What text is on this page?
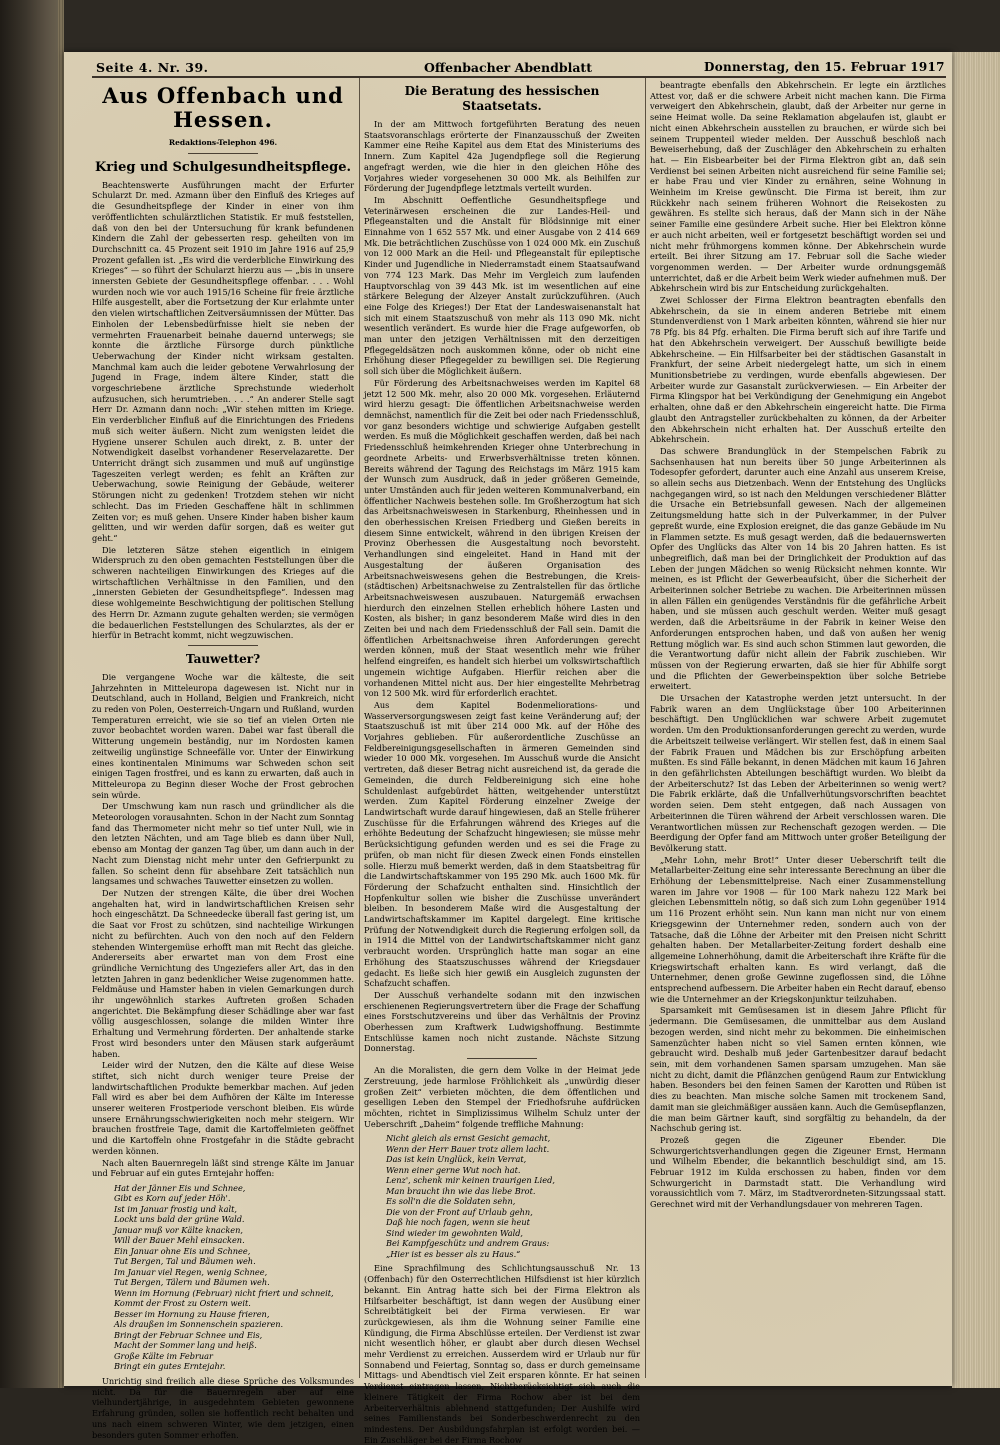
Seite 4. Nr. 39.	Offenbacher Abendblatt	Donnerstag, den 15. Februar 1917
Aus Offenbach und Hessen.
Redaktions-Telephon 496.
Krieg und Schulgesundheitspflege.

Beachtenswerte Ausführungen macht der Erfurter Schularzt Dr. med. Azmann über den Einfluß des Krieges auf die Gesundheitspflege der Kinder in einer von ihm veröffentlichten schulärztlichen Statistik. Er muß feststellen, daß von den bei der Untersuchung für krank befundenen Kindern die Zahl der gebesserten resp. geheilten von im Durchschnitt ca. 45 Prozent seit 1910 im Jahre 1916 auf 25,9 Prozent gefallen ist. „Es wird die verderbliche Einwirkung des Krieges“ — so führt der Schularzt hierzu aus — „bis in unsere innersten Gebiete der Gesundheitspflege offenbar. . . . Wohl wurden noch wie vor auch 1915/16 Scheine für freie ärztliche Hilfe ausgestellt, aber die Fortsetzung der Kur erlahmte unter den vielen wirtschaftlichen Zeitversäumnissen der Mütter. Das Einholen der Lebensbedürfnisse hielt sie neben der vermehrten Frauenarbeit beinahe dauernd unterwegs; sie konnte die ärztliche Fürsorge durch pünktliche Ueberwachung der Kinder nicht wirksam gestalten. Manchmal kam auch die leider gebotene Verwahrlosung der Jugend in Frage, indem ältere Kinder, statt die vorgeschriebene ärztliche Sprechstunde wiederholt aufzusuchen, sich herumtrieben. . . .“ An anderer Stelle sagt Herr Dr. Azmann dann noch: „Wir stehen mitten im Kriege. Ein verderblicher Einfluß auf die Einrichtungen des Friedens muß sich weiter äußern. Nicht zum wenigsten leidet die Hygiene unserer Schulen auch direkt, z. B. unter der Notwendigkeit daselbst vorhandener Reservelazarette. Der Unterricht drängt sich zusammen und muß auf ungünstige Tageszeiten verlegt werden; es fehlt an Kräften zur Ueberwachung, sowie Reinigung der Gebäude, weiterer Störungen nicht zu gedenken! Trotzdem stehen wir nicht schlecht. Das im Frieden Geschaffene hält in schlimmen Zeiten vor; es muß gehen. Unsere Kinder haben bisher kaum gelitten, und wir werden dafür sorgen, daß es weiter gut geht.“

Die letzteren Sätze stehen eigentlich in einigem Widerspruch zu den oben gemachten Feststellungen über die schweren nachteiligen Einwirkungen des Krieges auf die wirtschaftlichen Verhältnisse in den Familien, und den „innersten Gebieten der Gesundheitspflege“. Indessen mag diese wohlgemeinte Beschwichtigung der politischen Stellung des Herrn Dr. Azmann zugute gehalten werden; sie vermögen die bedauerlichen Feststellungen des Schularztes, als der er hierfür in Betracht kommt, nicht wegzuwischen.

Tauwetter?

Die vergangene Woche war die kälteste, die seit Jahrzehnten in Mitteleuropa dagewesen ist. Nicht nur in Deutschland, auch in Holland, Belgien und Frankreich, nicht zu reden von Polen, Oesterreich-Ungarn und Rußland, wurden Temperaturen erreicht, wie sie so tief an vielen Orten nie zuvor beobachtet worden waren. Dabei war fast überall die Witterung ungemein beständig, nur im Nordosten kamen zeitweilig ungünstige Schneefälle vor. Unter der Einwirkung eines kontinentalen Minimums war Schweden schon seit einigen Tagen frostfrei, und es kann zu erwarten, daß auch in Mitteleuropa zu Beginn dieser Woche der Frost gebrochen sein würde.

Der Umschwung kam nun rasch und gründlicher als die Meteorologen vorausahnten. Schon in der Nacht zum Sonntag fand das Thermometer nicht mehr so tief unter Null, wie in den letzten Nächten, und am Tage blieb es dann über Null, ebenso am Montag der ganzen Tag über, um dann auch in der Nacht zum Dienstag nicht mehr unter den Gefrierpunkt zu fallen. So scheint denn für absehbare Zeit tatsächlich nun langsames und schwaches Tauwetter einsetzen zu wollen.

Der Nutzen der strengen Kälte, die über drei Wochen angehalten hat, wird in landwirtschaftlichen Kreisen sehr hoch eingeschätzt. Da Schneedecke überall fast gering ist, um die Saat vor Frost zu schützen, sind nachteilige Wirkungen nicht zu befürchten. Auch von den noch auf den Feldern stehenden Wintergemüse erhofft man mit Recht das gleiche. Andererseits aber erwartet man von dem Frost eine gründliche Vernichtung des Ungeziefers aller Art, das in den letzten Jahren in ganz bedenklicher Weise zugenommen hatte. Feldmäuse und Hamster haben in vielen Gemarkungen durch ihr ungewöhnlich starkes Auftreten großen Schaden angerichtet. Die Bekämpfung dieser Schädlinge aber war fast völlig ausgeschlossen, solange die milden Winter ihre Erhaltung und Vermehrung förderten. Der anhaltende starke Frost wird besonders unter den Mäusen stark aufgeräumt haben.

Leider wird der Nutzen, den die Kälte auf diese Weise stiftet, sich nicht durch weniger teure Preise der landwirtschaftlichen Produkte bemerkbar machen. Auf jeden Fall wird es aber bei dem Aufhören der Kälte im Interesse unserer weiteren Frostperiode verschont bleiben. Eis würde unsere Ernährungsschwierigkeiten noch mehr steigern. Wir brauchen frostfreie Tage, damit die Kartoffelmieten geöffnet und die Kartoffeln ohne Frostgefahr in die Städte gebracht werden können.

Nach alten Bauernregeln läßt sind strenge Kälte im Januar und Februar auf ein gutes Erntejahr hoffen:

Hat der Jänner Eis und Schnee,
Gibt es Korn auf jeder Höh'.
Ist im Januar frostig und kalt,
Lockt uns bald der grüne Wald.
Januar muß vor Kälte knacken,
Will der Bauer Mehl einsacken.
Ein Januar ohne Eis und Schnee,
Tut Bergen, Tal und Bäumen weh.
Im Januar viel Regen, wenig Schnee,
Tut Bergen, Tälern und Bäumen weh.
Wenn im Hornung (Februar) nicht friert und schneit,
Kommt der Frost zu Ostern weit.
Besser im Hornung zu Hause frieren,
Als draußen im Sonnenschein spazieren.
Bringt der Februar Schnee und Eis,
Macht der Sommer lang und heiß.
Große Kälte im Februar
Bringt ein gutes Erntejahr.

Unrichtig sind freilich alle diese Sprüche des Volksmundes nicht. Da für die Bauernregeln aber auf eine vielhundertjährige, in ausgedehntem Gebieten gewonnene Erfahrung gründen, sollen sie hoffentlich recht behalten und uns nach einem schweren Winter, wie dem jetzigen, einen besonders guten Sommer erhoffen.

Die Beratung des hessischen Staatsetats.

In der am Mittwoch fortgeführten Beratung des neuen Staatsvoranschlags erörterte der Finanzausschuß der Zweiten Kammer eine Reihe Kapitel aus dem Etat des Ministeriums des Innern. Zum Kapitel 42a Jugendpflege soll die Regierung angefragt werden, wie die hier in den gleichen Höhe des Vorjahres wieder vorgesehenen 30 000 Mk. als Beihilfen zur Förderung der Jugendpflege letztmals verteilt wurden.

Im Abschnitt Oeffentliche Gesundheitspflege und Veterinärwesen erscheinen die zur Landes-Heil- und Pflegeanstalten und die Anstalt für Blödsinnige mit einer Einnahme von 1 652 557 Mk. und einer Ausgabe von 2 414 669 Mk. Die beträchtlichen Zuschüsse von 1 024 000 Mk. ein Zuschuß von 12 000 Mark an die Heil- und Pflegeanstalt für epileptische Kinder und Jugendliche in Niederramstadt einem Staatsaufwand von 774 123 Mark. Das Mehr im Vergleich zum laufenden Hauptvorschlag von 39 443 Mk. ist im wesentlichen auf eine stärkere Belegung der Alzeyer Anstalt zurückzuführen. (Auch eine Folge des Krieges!) Der Etat der Landeswaisenanstalt hat sich mit einem Staatszuschuß von mehr als 113 090 Mk. nicht wesentlich verändert. Es wurde hier die Frage aufgeworfen, ob man unter den jetzigen Verhältnissen mit den derzeitigen Pflegegeldsätzen noch auskommen könne, oder ob nicht eine Erhöhung dieser Pflegegelder zu bewilligen sei. Die Regierung soll sich über die Möglichkeit äußern.

Für Förderung des Arbeitsnachweises werden im Kapitel 68 jetzt 12 500 Mk. mehr, also 20 000 Mk. vorgesehen. Erläuternd wird hierzu gesagt: Die öffentlichen Arbeitsnachweise werden demnächst, namentlich für die Zeit bei oder nach Friedensschluß, vor ganz besonders wichtige und schwierige Aufgaben gestellt werden. Es muß die Möglichkeit geschaffen werden, daß bei nach Friedensschluß heimkehrenden Krieger ohne Unterbrechung in geordnete Arbeits- und Erwerbsverhältnisse treten können. Bereits während der Tagung des Reichstags im März 1915 kam der Wunsch zum Ausdruck, daß in jeder größeren Gemeinde, unter Umständen auch für jeden weiteren Kommunalverband, ein öffentlicher Nachweis bestehen solle. Im Großherzogtum hat sich das Arbeitsnachweiswesen in Starkenburg, Rheinhessen und in den oberhessischen Kreisen Friedberg und Gießen bereits in diesem Sinne entwickelt, während in den übrigen Kreisen der Provinz Oberhessen die Ausgestaltung noch bevorsteht. Verhandlungen sind eingeleitet. Hand in Hand mit der Ausgestaltung der äußeren Organisation des Arbeitsnachweiswesens gehen die Bestrebungen, die Kreis- (städtischen) Arbeitsnachweise zu Zentralstellen für das örtliche Arbeitsnachweiswesen auszubauen. Naturgemäß erwachsen hierdurch den einzelnen Stellen erheblich höhere Lasten und Kosten, als bisher; in ganz besonderem Maße wird dies in den Zeiten bei und nach dem Friedensschluß der Fall sein. Damit die öffentlichen Arbeitsnachweise ihren Anforderungen gerecht werden können, muß der Staat wesentlich mehr wie früher helfend eingreifen, es handelt sich hierbei um volkswirtschaftlich ungemein wichtige Aufgaben. Hierfür reichen aber die vorhandenen Mittel nicht aus. Der hier eingestellte Mehrbetrag von 12 500 Mk. wird für erforderlich erachtet.

Aus dem Kapitel Bodenmeliorations- und Wasserversorgungswesen zeigt fast keine Veränderung auf; der Staatszuschuß ist mit über 214 000 Mk. auf der Höhe des Vorjahres geblieben. Für außerordentliche Zuschüsse an Feldbereinigungsgesellschaften in ärmeren Gemeinden sind wieder 10 000 Mk. vorgesehen. Im Ausschuß wurde die Ansicht vertreten, daß dieser Betrag nicht ausreichend ist, da gerade die Gemeinden, die durch Feldbereinigung sich eine hohe Schuldenlast aufgebürdet hätten, weitgehender unterstützt werden. Zum Kapitel Förderung einzelner Zweige der Landwirtschaft wurde darauf hingewiesen, daß an Stelle früherer Zuschüsse für die Erfahrungen während des Krieges auf die erhöhte Bedeutung der Schafzucht hingewiesen; sie müsse mehr Berücksichtigung gefunden werden und es sei die Frage zu prüfen, ob man nicht für diesen Zweck einen Fonds einstellen solle. Hierzu muß bemerkt werden, daß in dem Staatsbeitrag für die Landwirtschaftskammer von 195 290 Mk. auch 1600 Mk. für Förderung der Schafzucht enthalten sind. Hinsichtlich der Hopfenkultur sollen wie bisher die Zuschüsse unverändert bleiben. In besonderem Maße wird die Ausgestaltung der Landwirtschaftskammer im Kapitel dargelegt. Eine kritische Prüfung der Notwendigkeit durch die Regierung erfolgen soll, da in 1914 die Mittel von der Landwirtschaftskammer nicht ganz verbraucht worden. Ursprünglich hatte man sogar an eine Erhöhung des Staatszuschusses während der Kriegsdauer gedacht. Es ließe sich hier gewiß ein Ausgleich zugunsten der Schafzucht schaffen.

Der Ausschuß verhandelte sodann mit den inzwischen erschienenen Regierungsvertretern über die Frage der Schaffung eines Forstschutzvereins und über das Verhältnis der Provinz Oberhessen zum Kraftwerk Ludwigshoffnung. Bestimmte Entschlüsse kamen noch nicht zustande. Nächste Sitzung Donnerstag.

An die Moralisten, die gern dem Volke in der Heimat jede Zerstreuung, jede harmlose Fröhlichkeit als „unwürdig dieser großen Zeit“ verbieten möchten, die dem öffentlichen und geselligen Leben den Stempel der Friedhofsruhe aufdrücken möchten, richtet in Simplizissimus Wilhelm Schulz unter der Ueberschrift „Daheim“ folgende treffliche Mahnung:

Nicht gleich als ernst Gesicht gemacht,
Wenn der Herr Bauer trotz allem lacht.
Das ist kein Unglück, kein Verrat,
Wenn einer gerne Wut noch hat.
Lenz', schenk mir keinen traurigen Lied,
Man braucht ihn wie das liebe Brot.
Es soll'n die die Soldaten sehn,
Die von der Front auf Urlaub gehn,
Daß hie noch fagen, wenn sie heut
Sind wieder im gewohnten Wald,
Bei Kampfgeschütz und andrem Graus:
„Hier ist es besser als zu Haus.“

Eine Sprachfilmung des Schlichtungsausschuß Nr. 13 (Offenbach) für den Osterrechtlichen Hilfsdienst ist hier kürzlich bekannt. Ein Antrag hatte sich bei der Firma Elektron als Hilfsarbeiter beschäftigt, ist dann wegen der Ausübung einer Schreibtätigkeit bei der Firma verwiesen. Er war zurückgewiesen, als ihm die Wohnung seiner Familie eine Kündigung, die Firma Abschlüsse erteilen. Der Verdienst ist zwar nicht wesentlich höher, er glaubt aber durch diesen Wechsel mehr Verdienst zu erreichen. Ausserdem wird er Urlaub nur für Sonnabend und Feiertag, Sonntag so, dass er durch gemeinsame Mittags- und Abendtisch viel Zeit ersparen könnte. Er hat seinen Verdienst eintragen lassen, Nichtberücksichtigt sich auch die kleinere Tätigkeit der Firma Rochow aber ist bei dem Arbeiterverhältnis ablehnend stattgefunden; Der Aushilfe wird seines Familienstands bei Sonderbeschwerdenrecht zu den mindestens. Der Ausbildungsfahrplan ist erfolgt worden bei. — Ein Zuschläger bei der Firma Rochow

beantragte ebenfalls den Abkehrschein. Er legte ein ärztliches Attest vor, daß er die schwere Arbeit nicht machen kann. Die Firma verweigert den Abkehrschein, glaubt, daß der Arbeiter nur gerne in seine Heimat wolle. Da seine Reklamation abgelaufen ist, glaubt er nicht einen Abkehrschein ausstellen zu brauchen, er würde sich bei seinem Truppenteil wieder melden. Der Ausschuß beschloß nach Beweiserhebung, daß der Zuschläger den Abkehrschein zu erhalten hat. — Ein Eisbearbeiter bei der Firma Elektron gibt an, daß sein Verdienst bei seinen Arbeiten nicht ausreichend für seine Familie sei; er habe Frau und vier Kinder zu ernähren, seine Wohnung in Weinheim im Kreise gewünscht. Die Firma ist bereit, ihm zur Rückkehr nach seinem früheren Wohnort die Reisekosten zu gewähren. Es stellte sich heraus, daß der Mann sich in der Nähe seiner Familie eine gesündere Arbeit suche. Hier bei Elektron könne er auch nicht arbeiten, weil er fortgesetzt beschäftigt worden sei und nicht mehr frühmorgens kommen könne. Der Abkehrschein wurde erteilt. Bei ihrer Sitzung am 17. Februar soll die Sache wieder vorgenommen werden. — Der Arbeiter wurde ordnungsgemäß unterrichtet, daß er die Arbeit beim Werk wieder aufnehmen muß. Der Abkehrschein wird bis zur Entscheidung zurückgehalten.

Zwei Schlosser der Firma Elektron beantragten ebenfalls den Abkehrschein, da sie in einem anderen Betriebe mit einem Stundenverdienst von 1 Mark arbeiten könnten, während sie hier nur 78 Pfg. bis 84 Pfg. erhalten. Die Firma beruft sich auf ihre Tarife und hat den Abkehrschein verweigert. Der Ausschuß bewilligte beide Abkehrscheine. — Ein Hilfsarbeiter bei der städtischen Gasanstalt in Frankfurt, der seine Arbeit niedergelegt hatte, um sich in einem Munitionsbetriebe zu verdingen, wurde ebenfalls abgewiesen. Der Arbeiter wurde zur Gasanstalt zurückverwiesen. — Ein Arbeiter der Firma Klingspor hat bei Verkündigung der Genehmigung ein Angebot erhalten, ohne daß er den Abkehrschein eingereicht hatte. Die Firma glaubt den Antragsteller zurückbehalten zu können, da der Arbeiter den Abkehrschein nicht erhalten hat. Der Ausschuß erteilte den Abkehrschein.

Das schwere Brandunglück in der Stempelschen Fabrik zu Sachsenhausen hat nun bereits über 50 junge Arbeiterinnen als Todesopfer gefordert, darunter auch eine Anzahl aus unserem Kreise, so allein sechs aus Dietzenbach. Wenn der Entstehung des Unglücks nachgegangen wird, so ist nach den Meldungen verschiedener Blätter die Ursache ein Betriebsunfall gewesen. Nach der allgemeinen Zeitungsmeldung hatte sich in der Pulverkammer, in der Pulver gepreßt wurde, eine Explosion ereignet, die das ganze Gebäude im Nu in Flammen setzte. Es muß gesagt werden, daß die bedauernswerten Opfer des Unglücks das Alter von 14 bis 20 Jahren hatten. Es ist unbegreiflich, daß man bei der Dringlichkeit der Produktion auf das Leben der jungen Mädchen so wenig Rücksicht nehmen konnte. Wir meinen, es ist Pflicht der Gewerbeaufsicht, über die Sicherheit der Arbeiterinnen solcher Betriebe zu wachen. Die Arbeiterinnen müssen in allen Fällen ein genügendes Verständnis für die gefährliche Arbeit haben, und sie müssen auch geschult werden. Weiter muß gesagt werden, daß die Arbeitsräume in der Fabrik in keiner Weise den Anforderungen entsprochen haben, und daß von außen her wenig Rettung möglich war. Es sind auch schon Stimmen laut geworden, die die Verantwortung dafür nicht allein der Fabrik zuschieben. Wir müssen von der Regierung erwarten, daß sie hier für Abhilfe sorgt und die Pflichten der Gewerbeinspektion über solche Betriebe erweitert.

Die Ursachen der Katastrophe werden jetzt untersucht. In der Fabrik waren an dem Unglückstage über 100 Arbeiterinnen beschäftigt. Den Unglücklichen war schwere Arbeit zugemutet worden. Um den Produktionsanforderungen gerecht zu werden, wurde die Arbeitszeit teilweise verlängert. Wir stellen fest, daß in einem Saal der Fabrik Frauen und Mädchen bis zur Erschöpfung arbeiten mußten. Es sind Fälle bekannt, in denen Mädchen mit kaum 16 Jahren in den gefährlichsten Abteilungen beschäftigt wurden. Wo bleibt da der Arbeiterschutz? Ist das Leben der Arbeiterinnen so wenig wert? Die Fabrik erklärte, daß die Unfallverhütungsvorschriften beachtet worden seien. Dem steht entgegen, daß nach Aussagen von Arbeiterinnen die Türen während der Arbeit verschlossen waren. Die Verantwortlichen müssen zur Rechenschaft gezogen werden. — Die Beerdigung der Opfer fand am Mittwoch unter großer Beteiligung der Bevölkerung statt.

„Mehr Lohn, mehr Brot!“ Unter dieser Ueberschrift teilt die Metallarbeiter-Zeitung eine sehr interessante Berechnung an über die Erhöhung der Lebensmittelpreise. Nach einer Zusammenstellung waren im Jahre vor 1908 — für 100 Mark nahezu 122 Mark bei gleichen Lebensmitteln nötig, so daß sich zum Lohn gegenüber 1914 um 116 Prozent erhöht sein. Nun kann man nicht nur von einem Kriegsgewinn der Unternehmer reden, sondern auch von der Tatsache, daß die Löhne der Arbeiter mit den Preisen nicht Schritt gehalten haben. Der Metallarbeiter-Zeitung fordert deshalb eine allgemeine Lohnerhöhung, damit die Arbeiterschaft ihre Kräfte für die Kriegswirtschaft erhalten kann. Es wird verlangt, daß die Unternehmer, denen große Gewinne zugeflossen sind, die Löhne entsprechend aufbessern. Die Arbeiter haben ein Recht darauf, ebenso wie die Unternehmer an der Kriegskonjunktur teilzuhaben.

Sparsamkeit mit Gemüsesamen ist in diesem Jahre Pflicht für jedermann. Die Gemüsesamen, die unmittelbar aus dem Ausland bezogen werden, sind nicht mehr zu bekommen. Die einheimischen Samenzüchter haben nicht so viel Samen ernten können, wie gebraucht wird. Deshalb muß jeder Gartenbesitzer darauf bedacht sein, mit dem vorhandenen Samen sparsam umzugehen. Man säe nicht zu dicht, damit die Pflänzchen genügend Raum zur Entwicklung haben. Besonders bei den feinen Samen der Karotten und Rüben ist dies zu beachten. Man mische solche Samen mit trockenem Sand, damit man sie gleichmäßiger aussäen kann. Auch die Gemüsepflanzen, die man beim Gärtner kauft, sind sorgfältig zu behandeln, da der Nachschub gering ist.

Prozeß gegen die Zigeuner Ebender. Die Schwurgerichtsverhandlungen gegen die Zigeuner Ernst, Hermann und Wilhelm Ebender, die bekanntlich beschuldigt sind, am 15. Februar 1912 im Kulda erschossen zu haben, finden vor dem Schwurgericht in Darmstadt statt. Die Verhandlung wird voraussichtlich vom 7. März, im Stadtverordneten-Sitzungssaal statt. Gerechnet wird mit der Verhandlungsdauer von mehreren Tagen.
